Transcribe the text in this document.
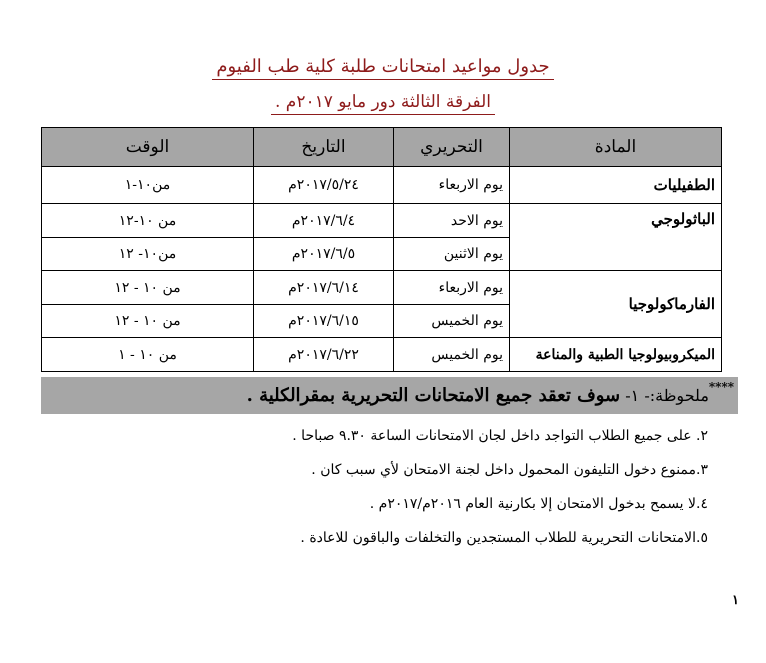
جدول مواعيد امتحانات طلبة كلية طب الفيوم
الفرقة الثالثة دور مايو ٢٠١٧م .
المادة	التحريري	التاريخ	الوقت
الطفيليات	يوم الاربعاء	٢٠١٧/٥/٢٤م	من١٠-١
الباثولوجي	يوم الاحد	٢٠١٧/٦/٤م	من ١٠-١٢
	يوم الاثنين	٢٠١٧/٦/٥م	من١٠- ١٢
الفارماكولوجيا	يوم الاربعاء	٢٠١٧/٦/١٤م	من ١٠ - ١٢
	يوم الخميس	٢٠١٧/٦/١٥م	من ١٠ - ١٢
الميكروبيولوجيا الطبية والمناعة	يوم الخميس	٢٠١٧/٦/٢٢م	من ١٠ - ١
****ملحوظة:- ١- سوف تعقد جميع الامتحانات التحريرية بمقرالكلية .
٢. على جميع الطلاب التواجد داخل لجان الامتحانات الساعة ٩.٣٠ صباحا .
٣.ممنوع دخول التليفون المحمول داخل لجنة الامتحان لأي سبب كان .
٤.لا يسمح بدخول الامتحان إلا بكارنية العام ٢٠١٦م/٢٠١٧م .
٥.الامتحانات التحريرية للطلاب المستجدين والتخلفات والباقون للاعادة .
١
